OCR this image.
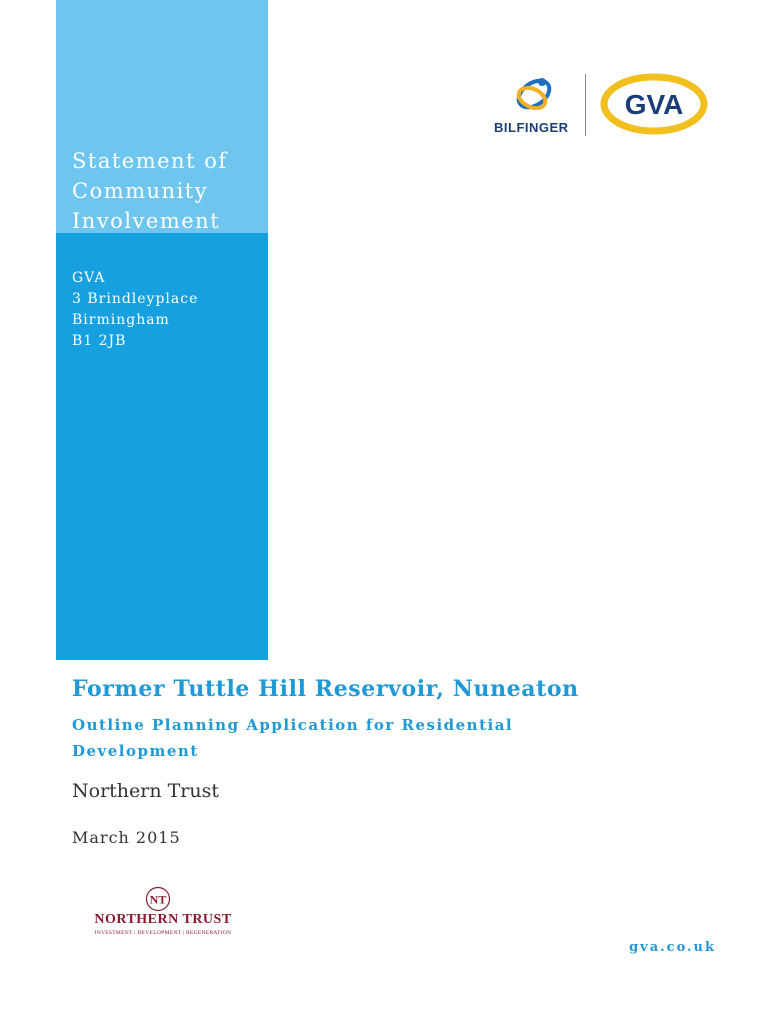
Statement of
Community
Involvement
GVA
3 Brindleyplace
Birmingham
B1 2JB
BILFINGER
GVA
Former Tuttle Hill Reservoir, Nuneaton
Outline Planning Application for Residential
Development
Northern Trust
March 2015
NT
NORTHERN TRUST
INVESTMENT | DEVELOPMENT | REGENERATION
gva.co.uk
